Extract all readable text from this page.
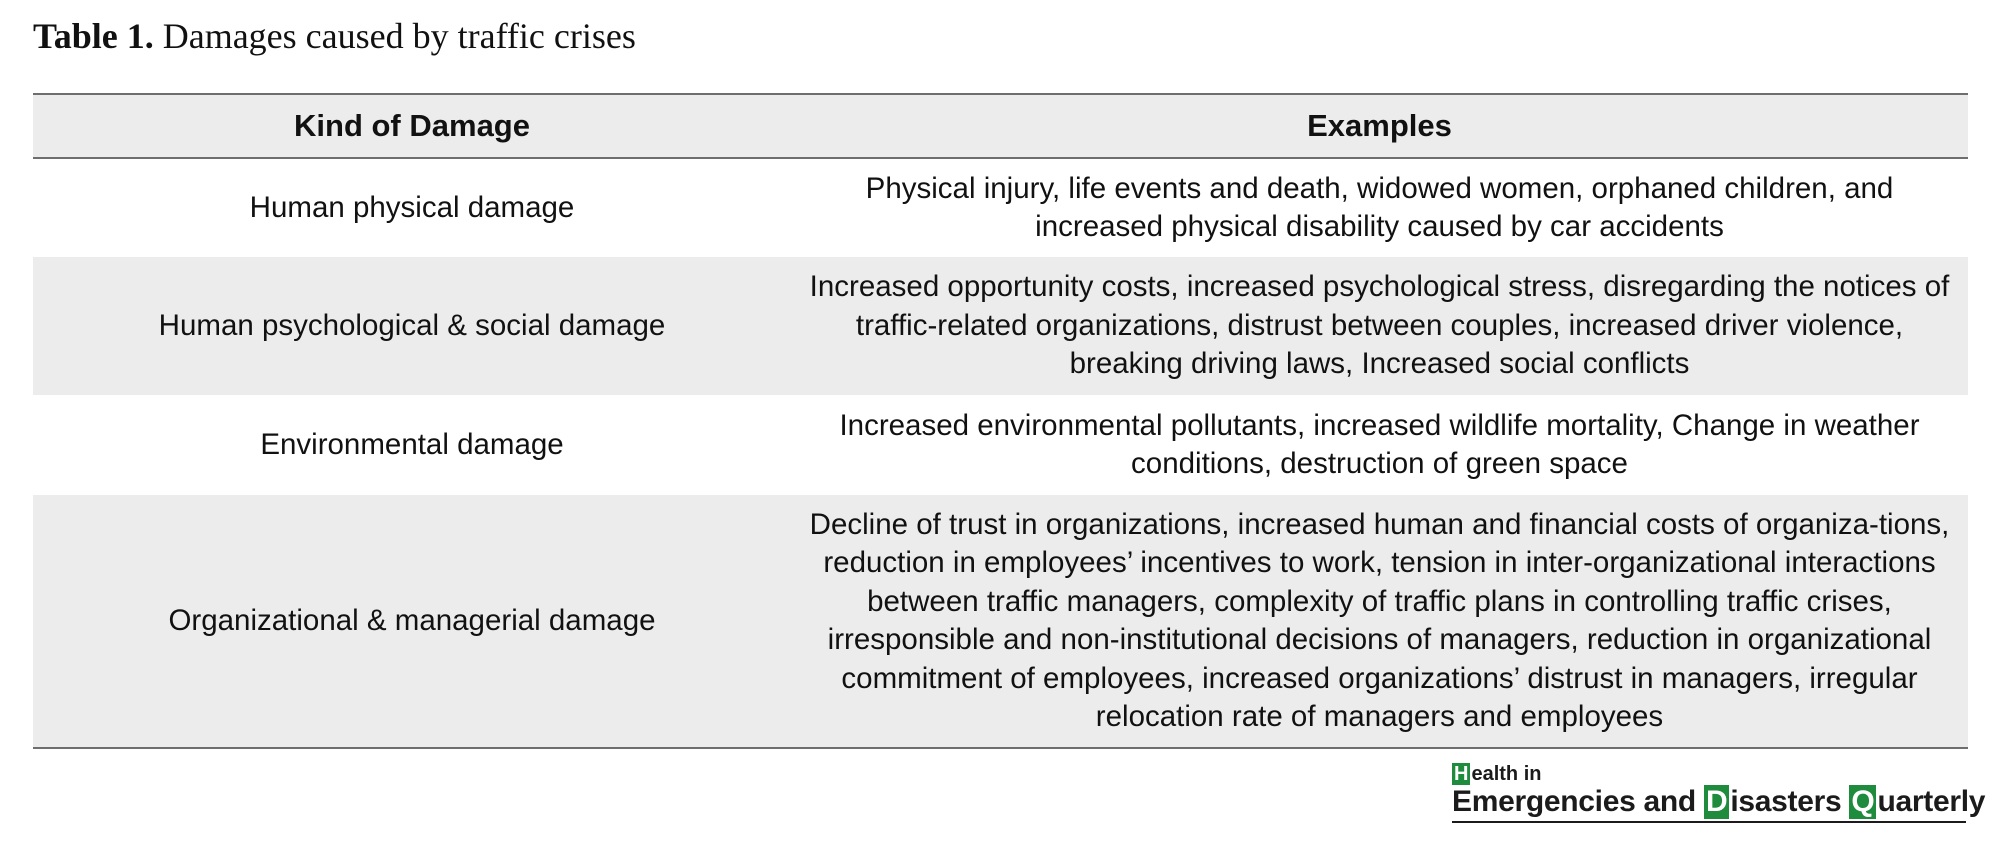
Table 1. Damages caused by traffic crises
Kind of Damage	Examples
Human physical damage	Physical injury, life events and death, widowed women, orphaned children, and increased physical disability caused by car accidents
Human psychological & social damage	Increased opportunity costs, increased psychological stress, disregarding the notices of traffic-related organizations, distrust between couples, increased driver violence, breaking driving laws, Increased social conflicts
Environmental damage	Increased environmental pollutants, increased wildlife mortality, Change in weather conditions, destruction of green space
Organizational & managerial damage	Decline of trust in organizations, increased human and financial costs of organiza-tions, reduction in employees’ incentives to work, tension in inter-organizational interactions between traffic managers, complexity of traffic plans in controlling traffic crises, irresponsible and non-institutional decisions of managers, reduction in organizational commitment of employees, increased organizations’ distrust in managers, irregular relocation rate of managers and employees
H ealth in
Emergencies and D isasters Q uarterly
